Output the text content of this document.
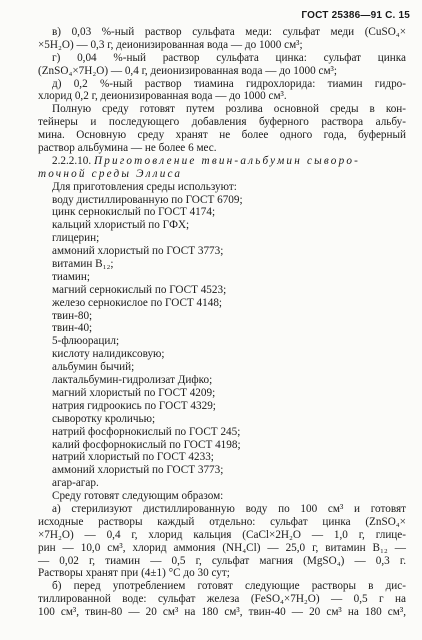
ГОСТ 25386—91 С. 15
в) 0,03 %-ный раствор сульфата меди: сульфат меди (CuSO₄×
×5H₂O) — 0,3 г, деионизированная вода — до 1000 см³;
г) 0,04 %-ный раствор сульфата цинка: сульфат цинка
(ZnSO₄×7H₂O) — 0,4 г, деионизированная вода — до 1000 см³;
д) 0,2 %-ный раствор тиамина гидрохлорида: тиамин гидро-
хлорид 0,2 г, деионизированная вода — до 1000 см³.
Полную среду готовят путем розлива основной среды в кон-
тейнеры и последующего добавления буферного раствора альбу-
мина. Основную среду хранят не более одного года, буферный
раствор альбумина — не более 6 мес.
2.2.2.10. Приготовление твин-альбумин сыворо-
точной среды Эллиса
Для приготовления среды используют:
воду дистиллированную по ГОСТ 6709;
цинк сернокислый по ГОСТ 4174;
кальций хлористый по ГФХ;
глицерин;
аммоний хлористый по ГОСТ 3773;
витамин B₁₂;
тиамин;
магний сернокислый по ГОСТ 4523;
железо сернокислое по ГОСТ 4148;
твин-80;
твин-40;
5-флюорацил;
кислоту налидиксовую;
альбумин бычий;
лактальбумин-гидролизат Дифко;
магний хлористый по ГОСТ 4209;
натрия гидроокись по ГОСТ 4329;
сыворотку кроличью;
натрий фосфорнокислый по ГОСТ 245;
калий фосфорнокислый по ГОСТ 4198;
натрий хлористый по ГОСТ 4233;
аммоний хлористый по ГОСТ 3773;
агар-агар.
Среду готовят следующим образом:
а) стерилизуют дистиллированную воду по 100 см³ и готовят
исходные растворы каждый отдельно: сульфат цинка (ZnSO₄×
×7H₂O) — 0,4 г, хлорид кальция (CaCl×2H₂O — 1,0 г, глице-
рин — 10,0 см³, хлорид аммония (NH₄Cl) — 25,0 г, витамин B₁₂ —
— 0,02 г, тиамин — 0,5 г, сульфат магния (MgSO₄) — 0,3 г.
Растворы хранят при (4±1) °С до 30 сут;
б) перед употреблением готовят следующие растворы в дис-
тиллированной воде: сульфат железа (FeSO₄×7H₂O) — 0,5 г на
100 см³, твин-80 — 20 см³ на 180 см³, твин-40 — 20 см³ на 180 см³,
